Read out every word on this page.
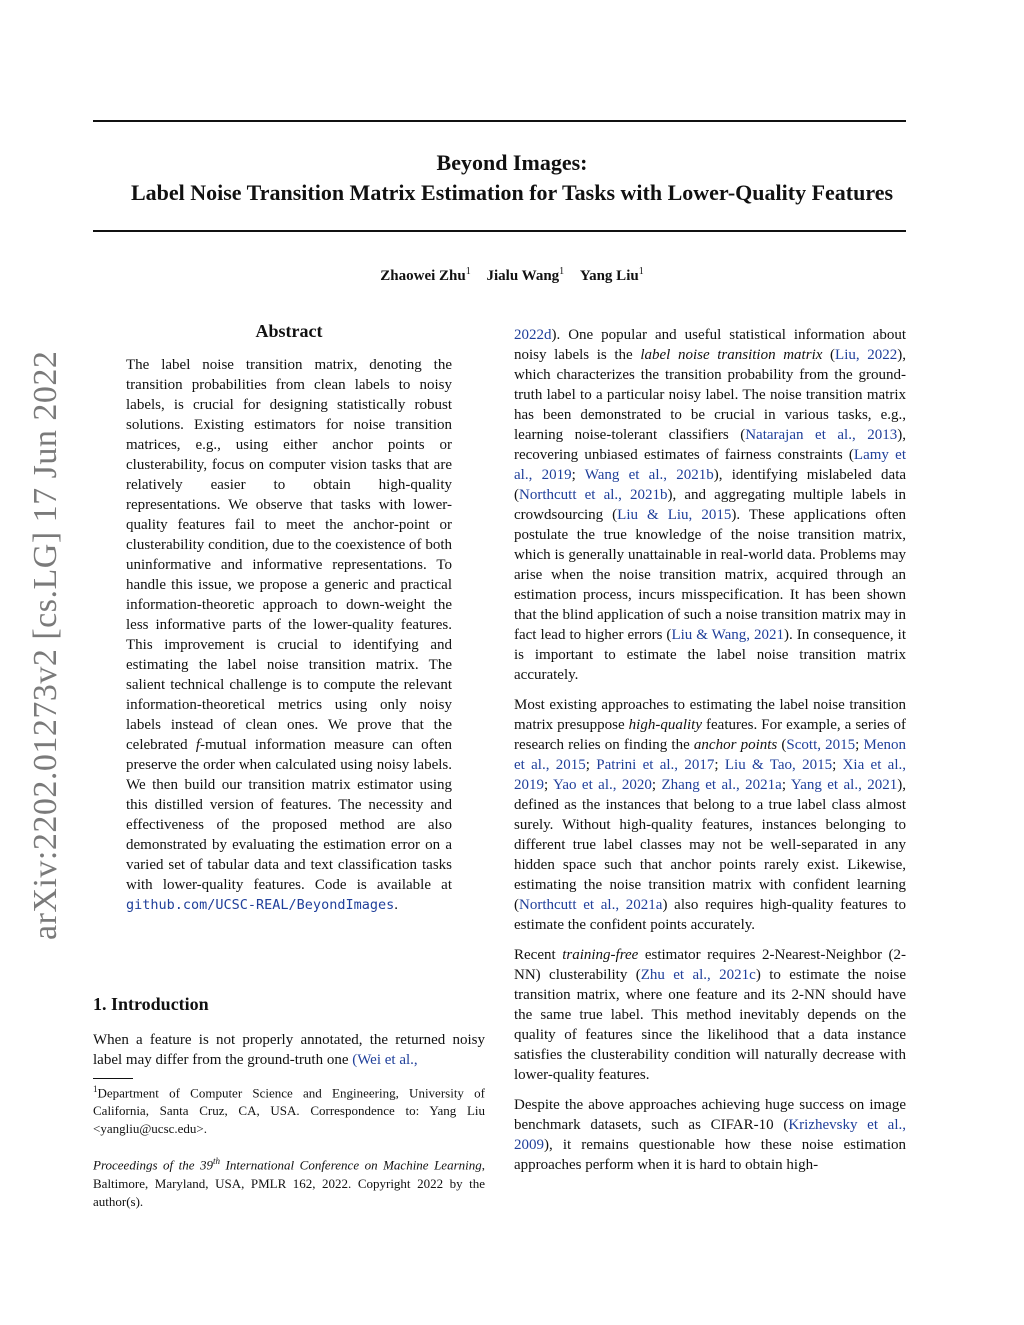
arXiv:2202.01273v2 [cs.LG] 17 Jun 2022
Beyond Images:
Label Noise Transition Matrix Estimation for Tasks with Lower-Quality Features
Zhaowei Zhu$^1$ Jialu Wang$^1$ Yang Liu$^1$
Abstract
The label noise transition matrix, denoting the transition probabilities from clean labels to noisy labels, is crucial for designing statistically robust solutions. Existing estimators for noise transition matrices, e.g., using either anchor points or clusterability, focus on computer vision tasks that are relatively easier to obtain high-quality representations. We observe that tasks with lower-quality features fail to meet the anchor-point or clusterability condition, due to the coexistence of both uninformative and informative representations. To handle this issue, we propose a generic and practical information-theoretic approach to down-weight the less informative parts of the lower-quality features. This improvement is crucial to identifying and estimating the label noise transition matrix. The salient technical challenge is to compute the relevant information-theoretical metrics using only noisy labels instead of clean ones. We prove that the celebrated f-mutual information measure can often preserve the order when calculated using noisy labels. We then build our transition matrix estimator using this distilled version of features. The necessity and effectiveness of the proposed method are also demonstrated by evaluating the estimation error on a varied set of tabular data and text classification tasks with lower-quality features. Code is available at github.com/UCSC-REAL/BeyondImages.
1. Introduction
When a feature is not properly annotated, the returned noisy label may differ from the ground-truth one (Wei et al.,

$^1$Department of Computer Science and Engineering, University of California, Santa Cruz, CA, USA. Correspondence to: Yang Liu <yangliu@ucsc.edu>.

Proceedings of the 39th International Conference on Machine Learning, Baltimore, Maryland, USA, PMLR 162, 2022. Copyright 2022 by the author(s).

2022d). One popular and useful statistical information about noisy labels is the label noise transition matrix (Liu, 2022), which characterizes the transition probability from the ground-truth label to a particular noisy label. The noise transition matrix has been demonstrated to be crucial in various tasks, e.g., learning noise-tolerant classifiers (Natarajan et al., 2013), recovering unbiased estimates of fairness constraints (Lamy et al., 2019; Wang et al., 2021b), identifying mislabeled data (Northcutt et al., 2021b), and aggregating multiple labels in crowdsourcing (Liu & Liu, 2015). These applications often postulate the true knowledge of the noise transition matrix, which is generally unattainable in real-world data. Problems may arise when the noise transition matrix, acquired through an estimation process, incurs misspecification. It has been shown that the blind application of such a noise transition matrix may in fact lead to higher errors (Liu & Wang, 2021). In consequence, it is important to estimate the label noise transition matrix accurately.

Most existing approaches to estimating the label noise transition matrix presuppose high-quality features. For example, a series of research relies on finding the anchor points (Scott, 2015; Menon et al., 2015; Patrini et al., 2017; Liu & Tao, 2015; Xia et al., 2019; Yao et al., 2020; Zhang et al., 2021a; Yang et al., 2021), defined as the instances that belong to a true label class almost surely. Without high-quality features, instances belonging to different true label classes may not be well-separated in any hidden space such that anchor points rarely exist. Likewise, estimating the noise transition matrix with confident learning (Northcutt et al., 2021a) also requires high-quality features to estimate the confident points accurately.

Recent training-free estimator requires 2-Nearest-Neighbor (2-NN) clusterability (Zhu et al., 2021c) to estimate the noise transition matrix, where one feature and its 2-NN should have the same true label. This method inevitably depends on the quality of features since the likelihood that a data instance satisfies the clusterability condition will naturally decrease with lower-quality features.

Despite the above approaches achieving huge success on image benchmark datasets, such as CIFAR-10 (Krizhevsky et al., 2009), it remains questionable how these noise estimation approaches perform when it is hard to obtain high-
